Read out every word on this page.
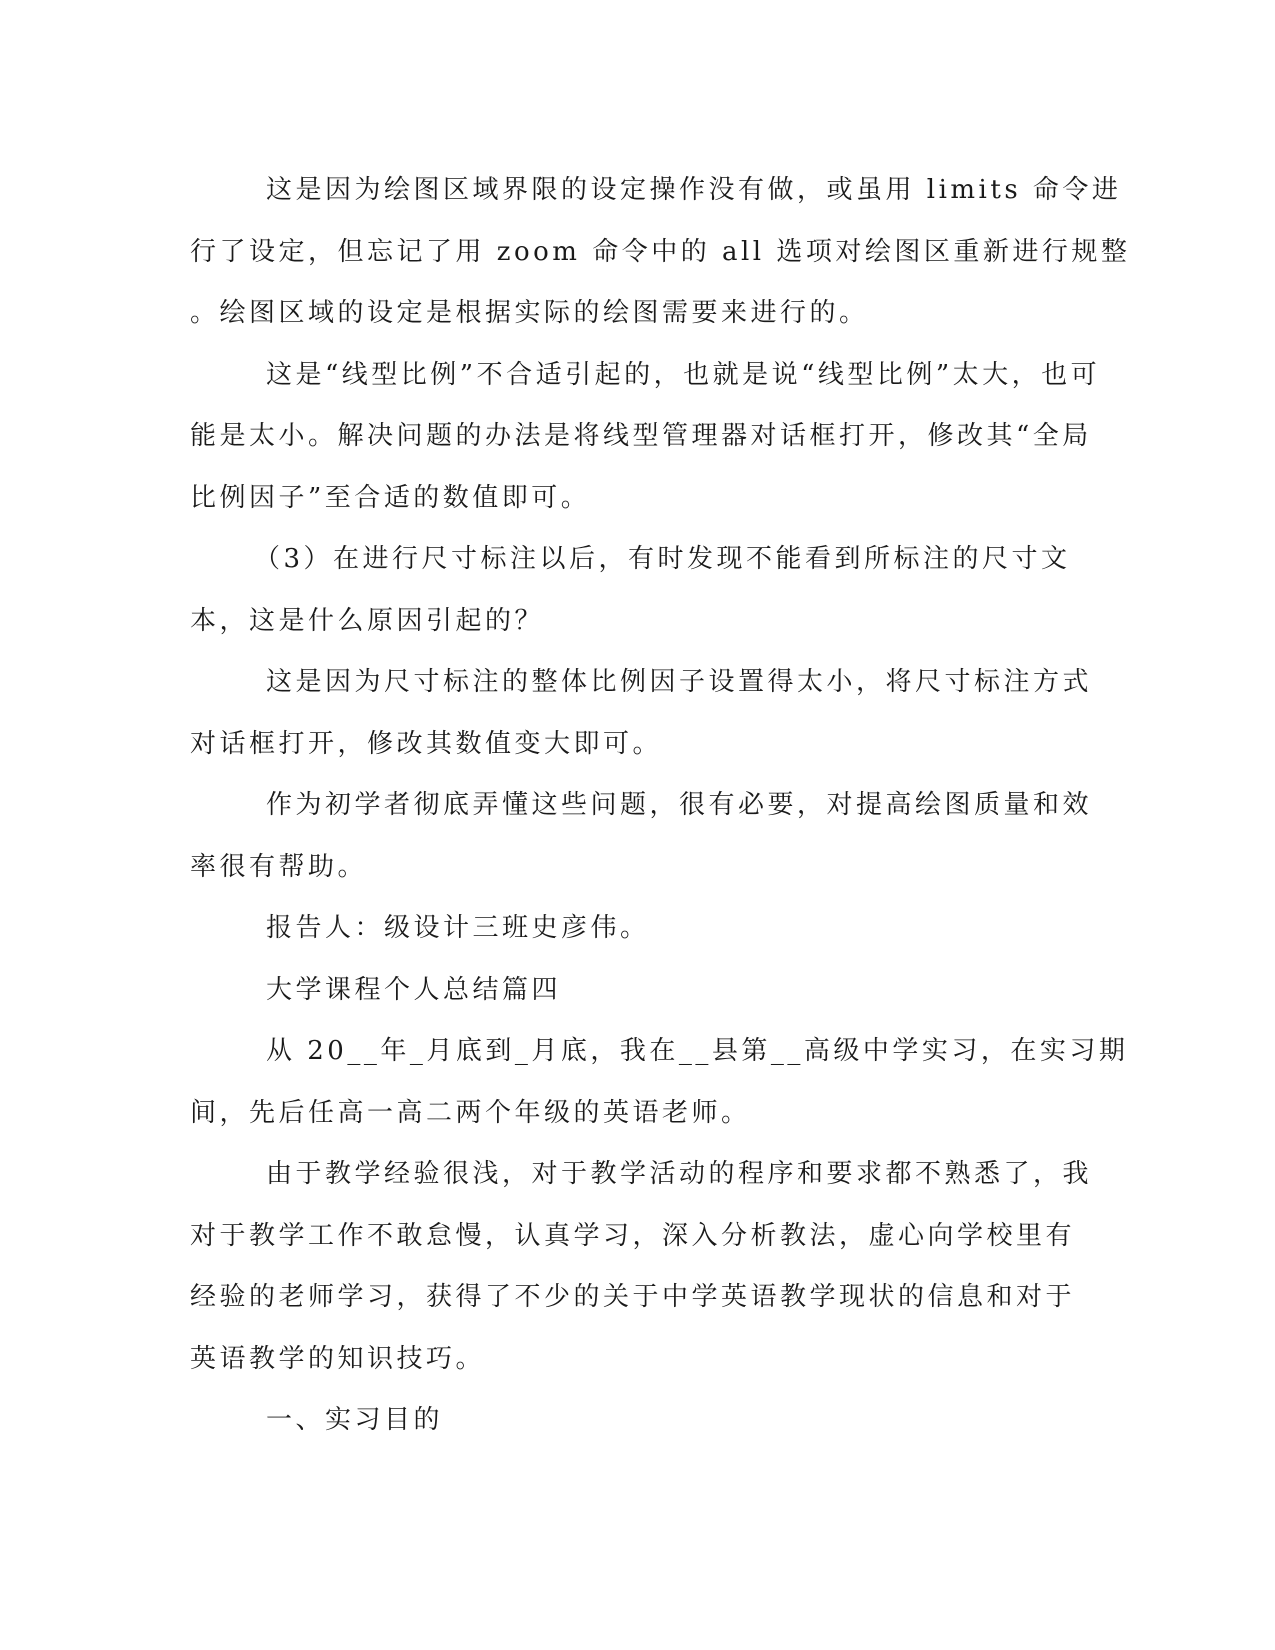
这是因为绘图区域界限的设定操作没有做，或虽用 limits 命令进
行了设定，但忘记了用 zoom 命令中的 all 选项对绘图区重新进行规整
。绘图区域的设定是根据实际的绘图需要来进行的。

这是“线型比例”不合适引起的，也就是说“线型比例”太大，也可
能是太小。解决问题的办法是将线型管理器对话框打开，修改其“全局
比例因子”至合适的数值即可。

（3）在进行尺寸标注以后，有时发现不能看到所标注的尺寸文
本，这是什么原因引起的？

这是因为尺寸标注的整体比例因子设置得太小，将尺寸标注方式
对话框打开，修改其数值变大即可。

作为初学者彻底弄懂这些问题，很有必要，对提高绘图质量和效
率很有帮助。

报告人：级设计三班史彦伟。

大学课程个人总结篇四

从 20__年_月底到_月底，我在__县第__高级中学实习，在实习期
间，先后任高一高二两个年级的英语老师。

由于教学经验很浅，对于教学活动的程序和要求都不熟悉了，我
对于教学工作不敢怠慢，认真学习，深入分析教法，虚心向学校里有
经验的老师学习，获得了不少的关于中学英语教学现状的信息和对于
英语教学的知识技巧。

一、实习目的
